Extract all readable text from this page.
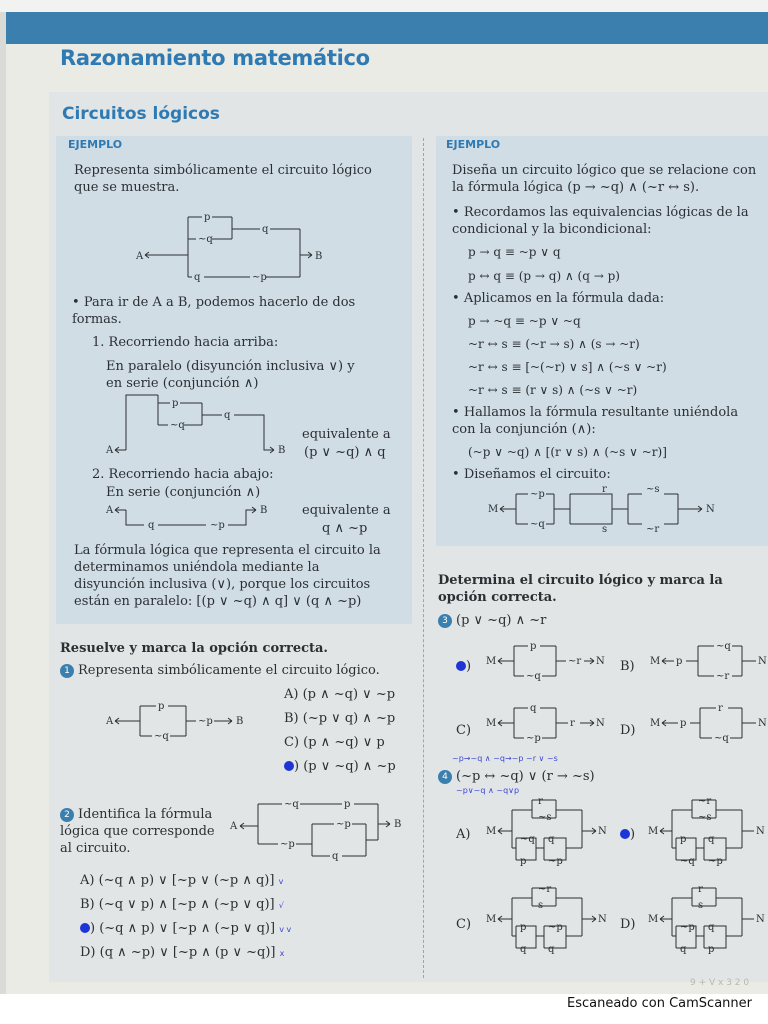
Razonamiento matemático
Circuitos lógicos
EJEMPLO
Representa simbólicamente el circuito lógico que se muestra.
A
p
~q
q
q	~p
B
• Para ir de A a B, podemos hacerlo de dos formas.
1. Recorriendo hacia arriba:
En paralelo (disyunción inclusiva ∨) y en serie (conjunción ∧)
A
p
~q
q
B
equivalente a
(p ∨ ~q) ∧ q
2. Recorriendo hacia abajo:
En serie (conjunción ∧)
A
q	~p
B	equivalente a
q ∧ ~p
La fórmula lógica que representa el circuito la determinamos uniéndola mediante la disyunción inclusiva (∨), porque los circuitos están en paralelo: [(p ∨ ~q) ∧ q] ∨ (q ∧ ~p)
EJEMPLO
Diseña un circuito lógico que se relacione con la fórmula lógica (p → ~q) ∧ (~r ↔ s).
• Recordamos las equivalencias lógicas de la condicional y la bicondicional:
p → q ≡ ~p ∨ q
p ↔ q ≡ (p → q) ∧ (q → p)
• Aplicamos en la fórmula dada:
p → ~q ≡ ~p ∨ ~q
~r ↔ s ≡ (~r → s) ∧ (s → ~r)
~r ↔ s ≡ [~(~r) ∨ s] ∧ (~s ∨ ~r)
~r ↔ s ≡ (r ∨ s) ∧ (~s ∨ ~r)
• Hallamos la fórmula resultante uniéndola con la conjunción (∧):
(~p ∨ ~q) ∧ [(r ∨ s) ∧ (~s ∨ ~r)]
• Diseñamos el circuito:
M
~p
~q
r
s
~s
~r
N
Resuelve y marca la opción correcta.
1 Representa simbólicamente el circuito lógico.
A
p
~q
~p B
A) (p ∧ ~q) ∨ ~p
B) (~p ∨ q) ∧ ~p
C) (p ∧ ~q) ∨ p
) (p ∨ ~q) ∧ ~p
2 Identifica la fórmula lógica que corresponde al circuito.
A
~q	p
~p
~p
q
B
A) (~q ∧ p) ∨ [~p ∨ (~p ∧ q)] v
B) (~q ∨ p) ∧ [~p ∧ (~p ∨ q)] √
) (~q ∧ p) ∨ [~p ∧ (~p ∨ q)] v v
D) (q ∧ ~p) ∨ [~p ∧ (p ∨ ~q)] x
Determina el circuito lógico y marca la opción correcta.
3 (p ∨ ~q) ∧ ~r
) M
p
~q
~r N B) M p
~q
~r
N
C) M
q
~p
r N D) M p
r
~q
N
~p→~q ∧ ~q→~p ~r ∨ ~s
4 (~p ↔ ~q) ∨ (r → ~s)
~p∨~q ∧ ~q∨p
A) M
r
~s
~q
p
q
~p
N	) M
~r
~s
p
~q
q
~p
N
C) M
~r
s
p
q
~p
q
N D) M
r
s
~p
q
q
p
N
9 + V x 3 2 0
Escaneado con CamScanner
